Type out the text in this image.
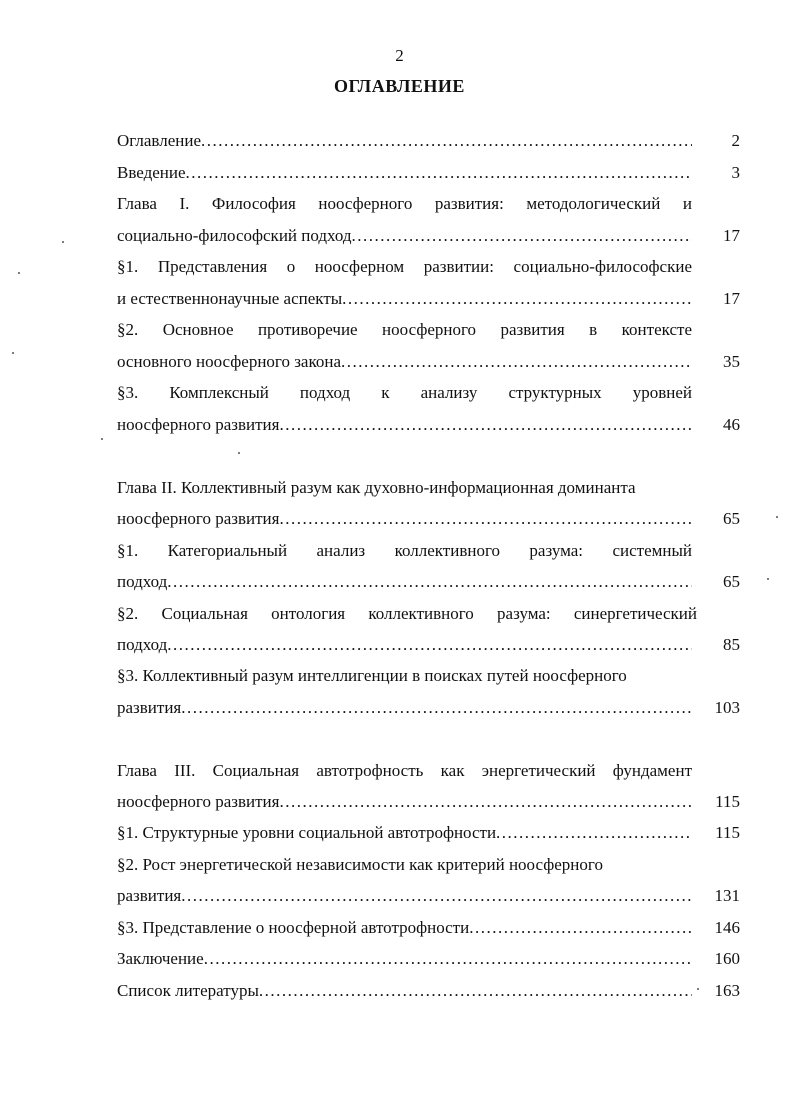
2
ОГЛАВЛЕНИЕ
Оглавление .....	2
Введение .....	3
Глава I. Философия ноосферного развития: методологический и
социально-философский подход .....	17
§1. Представления о ноосферном развитии: социально-философские
и естественнонаучные аспекты .....	17
§2. Основное противоречие ноосферного развития в контексте
основного ноосферного закона .....	35
§3. Комплексный подход к анализу структурных уровней
ноосферного развития .....	46
Глава II. Коллективный разум как духовно-информационная доминанта
ноосферного развития .....	65
§1. Категориальный анализ коллективного разума: системный
подход .....	65
§2. Социальная онтология коллективного разума: синергетический
подход .....	85
§3. Коллективный разум интеллигенции в поисках путей ноосферного
развития .....	103
Глава III. Социальная автотрофность как энергетический фундамент
ноосферного развития .....	115
§1. Структурные уровни социальной автотрофности .....	115
§2. Рост энергетической независимости как критерий ноосферного
развития .....	131
§3. Представление о ноосферной автотрофности .....	146
Заключение .....	160
Список литературы .....	163
